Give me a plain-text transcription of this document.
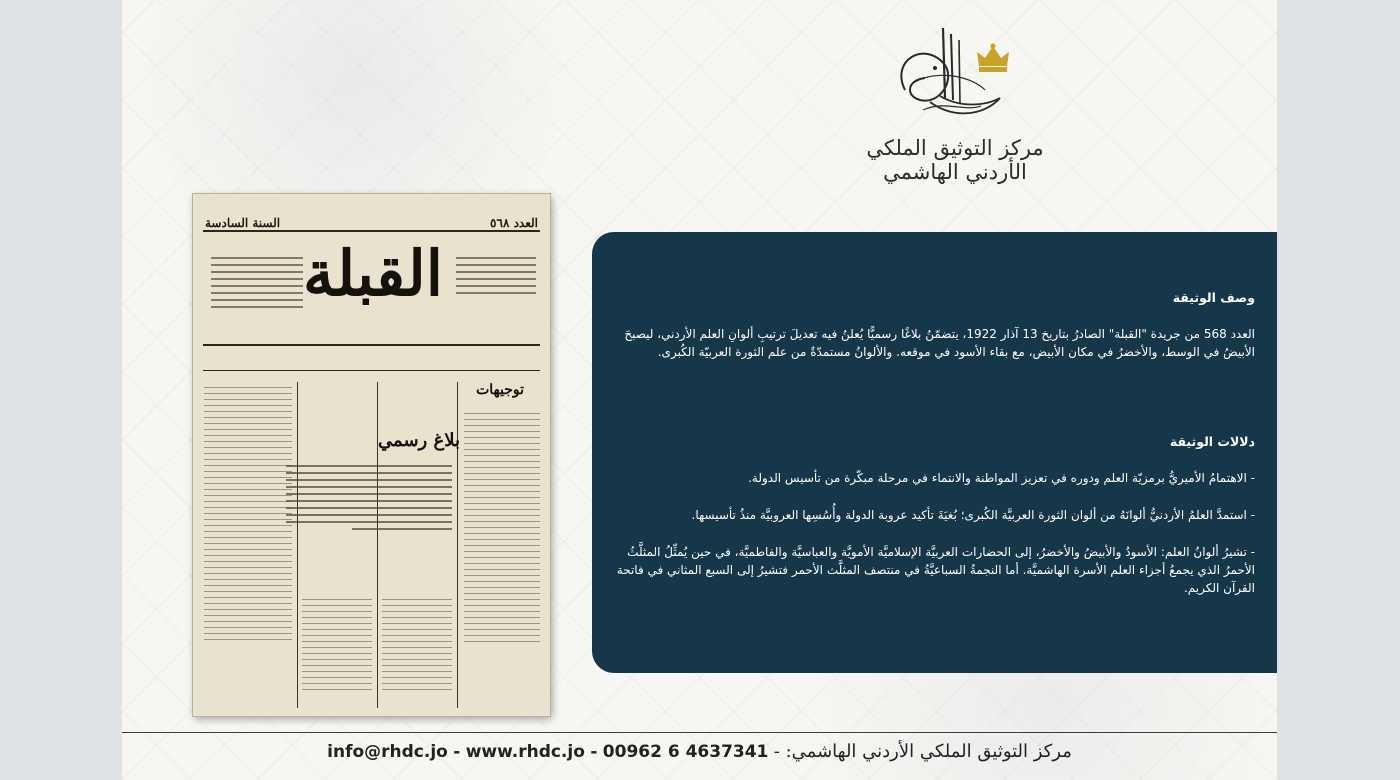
مركز التوثيق الملكي الأردني الهاشمي
العدد ٥٦٨
السنة السادسة
القبلة
توجيهات
بلاغ رسمي
وصف الوثيقة

العدد 568 من جريدة "القبلة" الصادرُ بتاريخ 13 آذار 1922، يتضمّنُ بلاغًا رسميًّا يُعلنُ فيه تعديلَ ترتيبِ ألوانِ العلم الأردني، ليصبحَ الأبيضُ في الوسط، والأخضرُ في مكان الأبيض، مع بقاء الأسود في موقعه. والألوانُ مستمدّةٌ من علم الثورة العربيّة الكُبرى.

دلالات الوثيقة

- الاهتمامُ الأميريُّ برمزيّة العلم ودوره في تعزيز المواطنة والانتماء في مرحلة مبكّرة من تأسيس الدولة.

- استمدَّ العلمُ الأردنيُّ ألوانَهُ من ألوان الثورة العربيَّة الكُبرى؛ بُغيَةَ تأكيد عروبة الدولة وأُسُسِها العروبيَّة منذُ تأسيسها.

- تشيرُ ألوانُ العلم: الأسودُ والأبيضُ والأخضرُ، إلى الحضارات العربيَّة الإسلاميَّة الأمويَّة والعباسيَّة والفاطميَّة، في حين يُمثِّلُ المثلَّثُ الأحمرُ الذي يجمعُ أجزاء العلم الأسرة الهاشميَّة. أما النجمةُ السباعيَّةُ في منتصف المثلَّث الأحمر فتشيرُ إلى السبع المثاني في فاتحة القرآن الكريم.

مركز التوثيق الملكي الأردني الهاشمي: - 00962 6 4637341 - www.rhdc.jo - info@rhdc.jo
